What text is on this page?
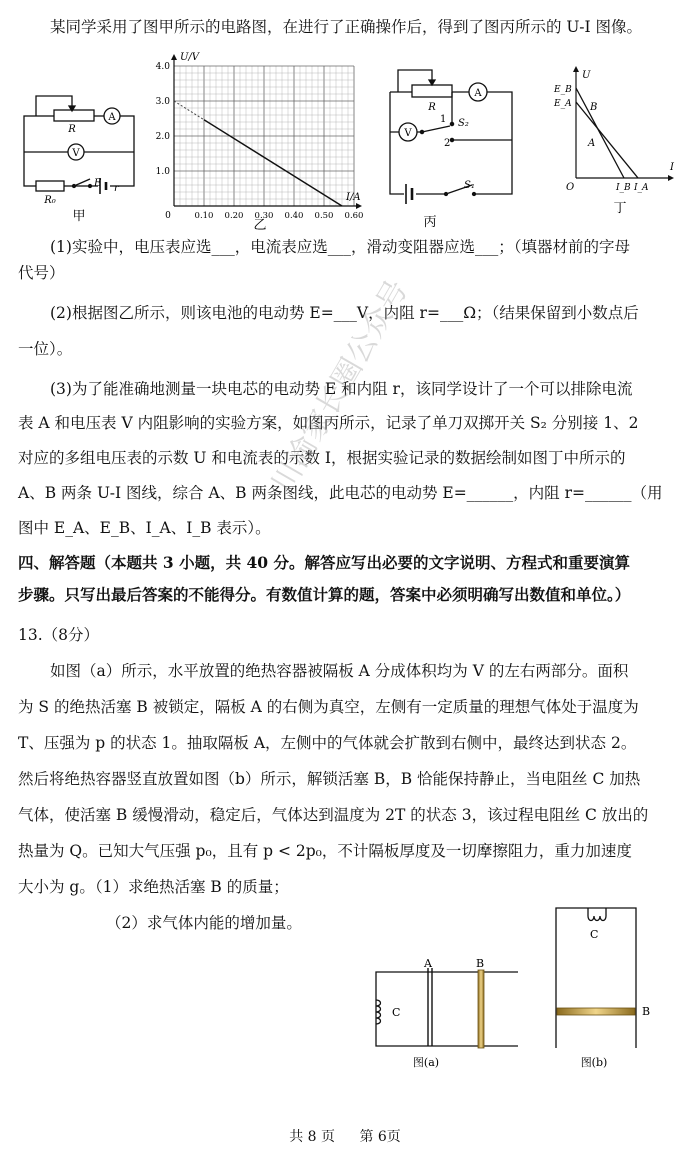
某同学采用了图甲所示的电路图，在进行了正确操作后，得到了图丙所示的 U-I 图像。
R
A
V
R₀
E r
甲
4.0
3.0
2.0
1.0
0.10 0.20 0.30 0.40 0.50 0.60
U/V
I/A
0
乙
R
A
V
1
2
S₂
S₁
丙
U
I
O
E_B
E_A B
A
I_B I_A
丁
(1)实验中，电压表应选___，电流表应选___，滑动变阻器应选___；（填器材前的字母
代号）
(2)根据图乙所示，则该电池的电动势 E=___V，内阻 r=___Ω；（结果保留到小数点后
一位）。
(3)为了能准确地测量一块电芯的电动势 E 和内阻 r，该同学设计了一个可以排除电流
表 A 和电压表 V 内阻影响的实验方案，如图丙所示，记录了单刀双掷开关 S₂ 分别接 1、2
对应的多组电压表的示数 U 和电流表的示数 I，根据实验记录的数据绘制如图丁中所示的
A、B 两条 U-I 图线，综合 A、B 两条图线，此电芯的电动势 E=______，内阻 r=______（用
图中 E_A、E_B、I_A、I_B 表示）。
四、解答题（本题共 3 小题，共 40 分。解答应写出必要的文字说明、方程式和重要演算
步骤。只写出最后答案的不能得分。有数值计算的题，答案中必须明确写出数值和单位。）
13.（8分）
如图（a）所示，水平放置的绝热容器被隔板 A 分成体积均为 V 的左右两部分。面积
为 S 的绝热活塞 B 被锁定，隔板 A 的右侧为真空，左侧有一定质量的理想气体处于温度为
T、压强为 p 的状态 1。抽取隔板 A，左侧中的气体就会扩散到右侧中，最终达到状态 2。
然后将绝热容器竖直放置如图（b）所示，解锁活塞 B，B 恰能保持静止，当电阻丝 C 加热
气体，使活塞 B 缓慢滑动，稳定后，气体达到温度为 2T 的状态 3，该过程电阻丝 C 放出的
热量为 Q。已知大气压强 p₀，且有 p < 2p₀，不计隔板厚度及一切摩擦阻力，重力加速度
大小为 g。（1）求绝热活塞 B 的质量；
（2）求气体内能的增加量。
C
A	B
图(a)
C
B
图(b)
川渝家长圈公众号
共 8 页 第 6页
